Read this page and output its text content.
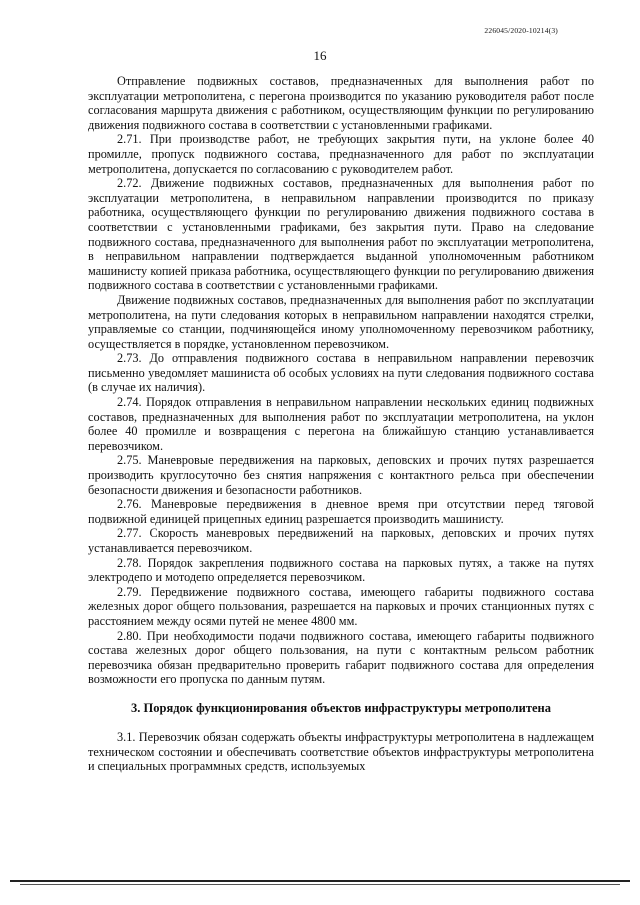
226045/2020-10214(3)
16

Отправление подвижных составов, предназначенных для выполнения работ по эксплуатации метрополитена, с перегона производится по указанию руководителя работ после согласования маршрута движения с работником, осуществляющим функции по регулированию движения подвижного состава в соответствии с установленными графиками.

2.71. При производстве работ, не требующих закрытия пути, на уклоне более 40 промилле, пропуск подвижного состава, предназначенного для работ по эксплуатации метрополитена, допускается по согласованию с руководителем работ.

2.72. Движение подвижных составов, предназначенных для выполнения работ по эксплуатации метрополитена, в неправильном направлении производится по приказу работника, осуществляющего функции по регулированию движения подвижного состава в соответствии с установленными графиками, без закрытия пути. Право на следование подвижного состава, предназначенного для выполнения работ по эксплуатации метрополитена, в неправильном направлении подтверждается выданной уполномоченным работником машинисту копией приказа работника, осуществляющего функции по регулированию движения подвижного состава в соответствии с установленными графиками.

Движение подвижных составов, предназначенных для выполнения работ по эксплуатации метрополитена, на пути следования которых в неправильном направлении находятся стрелки, управляемые со станции, подчиняющейся иному уполномоченному перевозчиком работнику, осуществляется в порядке, установленном перевозчиком.

2.73. До отправления подвижного состава в неправильном направлении перевозчик письменно уведомляет машиниста об особых условиях на пути следования подвижного состава (в случае их наличия).

2.74. Порядок отправления в неправильном направлении нескольких единиц подвижных составов, предназначенных для выполнения работ по эксплуатации метрополитена, на уклон более 40 промилле и возвращения с перегона на ближайшую станцию устанавливается перевозчиком.

2.75. Маневровые передвижения на парковых, деповских и прочих путях разрешается производить круглосуточно без снятия напряжения с контактного рельса при обеспечении безопасности движения и безопасности работников.

2.76. Маневровые передвижения в дневное время при отсутствии перед тяговой подвижной единицей прицепных единиц разрешается производить машинисту.

2.77. Скорость маневровых передвижений на парковых, деповских и прочих путях устанавливается перевозчиком.

2.78. Порядок закрепления подвижного состава на парковых путях, а также на путях электродепо и мотодепо определяется перевозчиком.

2.79. Передвижение подвижного состава, имеющего габариты подвижного состава железных дорог общего пользования, разрешается на парковых и прочих станционных путях с расстоянием между осями путей не менее 4800 мм.

2.80. При необходимости подачи подвижного состава, имеющего габариты подвижного состава железных дорог общего пользования, на пути с контактным рельсом работник перевозчика обязан предварительно проверить габарит подвижного состава для определения возможности его пропуска по данным путям.

3. Порядок функционирования объектов инфраструктуры метрополитена

3.1. Перевозчик обязан содержать объекты инфраструктуры метрополитена в надлежащем техническом состоянии и обеспечивать соответствие объектов инфраструктуры метрополитена и специальных программных средств, используемых
